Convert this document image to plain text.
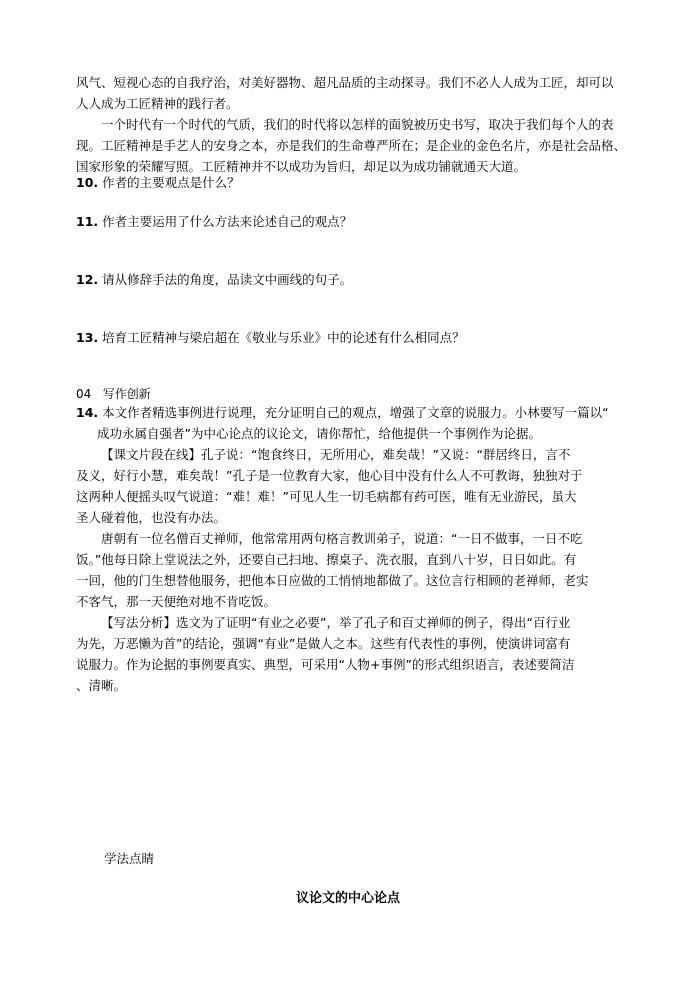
风气、短视心态的自我疗治，对美好器物、超凡品质的主动探寻。我们不必人人成为工匠，却可以
人人成为工匠精神的践行者。
一个时代有一个时代的气质，我们的时代将以怎样的面貌被历史书写，取决于我们每个人的表
现。工匠精神是手艺人的安身之本，亦是我们的生命尊严所在；是企业的金色名片，亦是社会品格、
国家形象的荣耀写照。工匠精神并不以成功为旨归，却足以为成功铺就通天大道。
10. 作者的主要观点是什么？
11. 作者主要运用了什么方法来论述自己的观点？
12. 请从修辞手法的角度，品读文中画线的句子。
13. 培育工匠精神与梁启超在《敬业与乐业》中的论述有什么相同点？
04 写作创新
14. 本文作者精选事例进行说理，充分证明自己的观点，增强了文章的说服力。小林要写一篇以“
成功永属自强者”为中心论点的议论文，请你帮忙，给他提供一个事例作为论据。
【课文片段在线】孔子说：“饱食终日，无所用心，难矣哉！”又说：“群居终日，言不
及义，好行小慧，难矣哉！”孔子是一位教育大家，他心目中没有什么人不可教诲，独独对于
这两种人便摇头叹气说道：“难！难！”可见人生一切毛病都有药可医，唯有无业游民，虽大
圣人碰着他，也没有办法。
唐朝有一位名僧百丈禅师，他常常用两句格言教训弟子，说道：“一日不做事，一日不吃
饭。”他每日除上堂说法之外，还要自己扫地、擦桌子、洗衣服，直到八十岁，日日如此。有
一回，他的门生想替他服务，把他本日应做的工悄悄地都做了。这位言行相顾的老禅师，老实
不客气，那一天便绝对地不肯吃饭。
【写法分析】选文为了证明“有业之必要”，举了孔子和百丈禅师的例子，得出“百行业
为先，万恶懒为首”的结论，强调“有业”是做人之本。这些有代表性的事例，使演讲词富有
说服力。作为论据的事例要真实、典型，可采用“人物+事例”的形式组织语言，表述要简洁
、清晰。
学法点睛
议论文的中心论点
